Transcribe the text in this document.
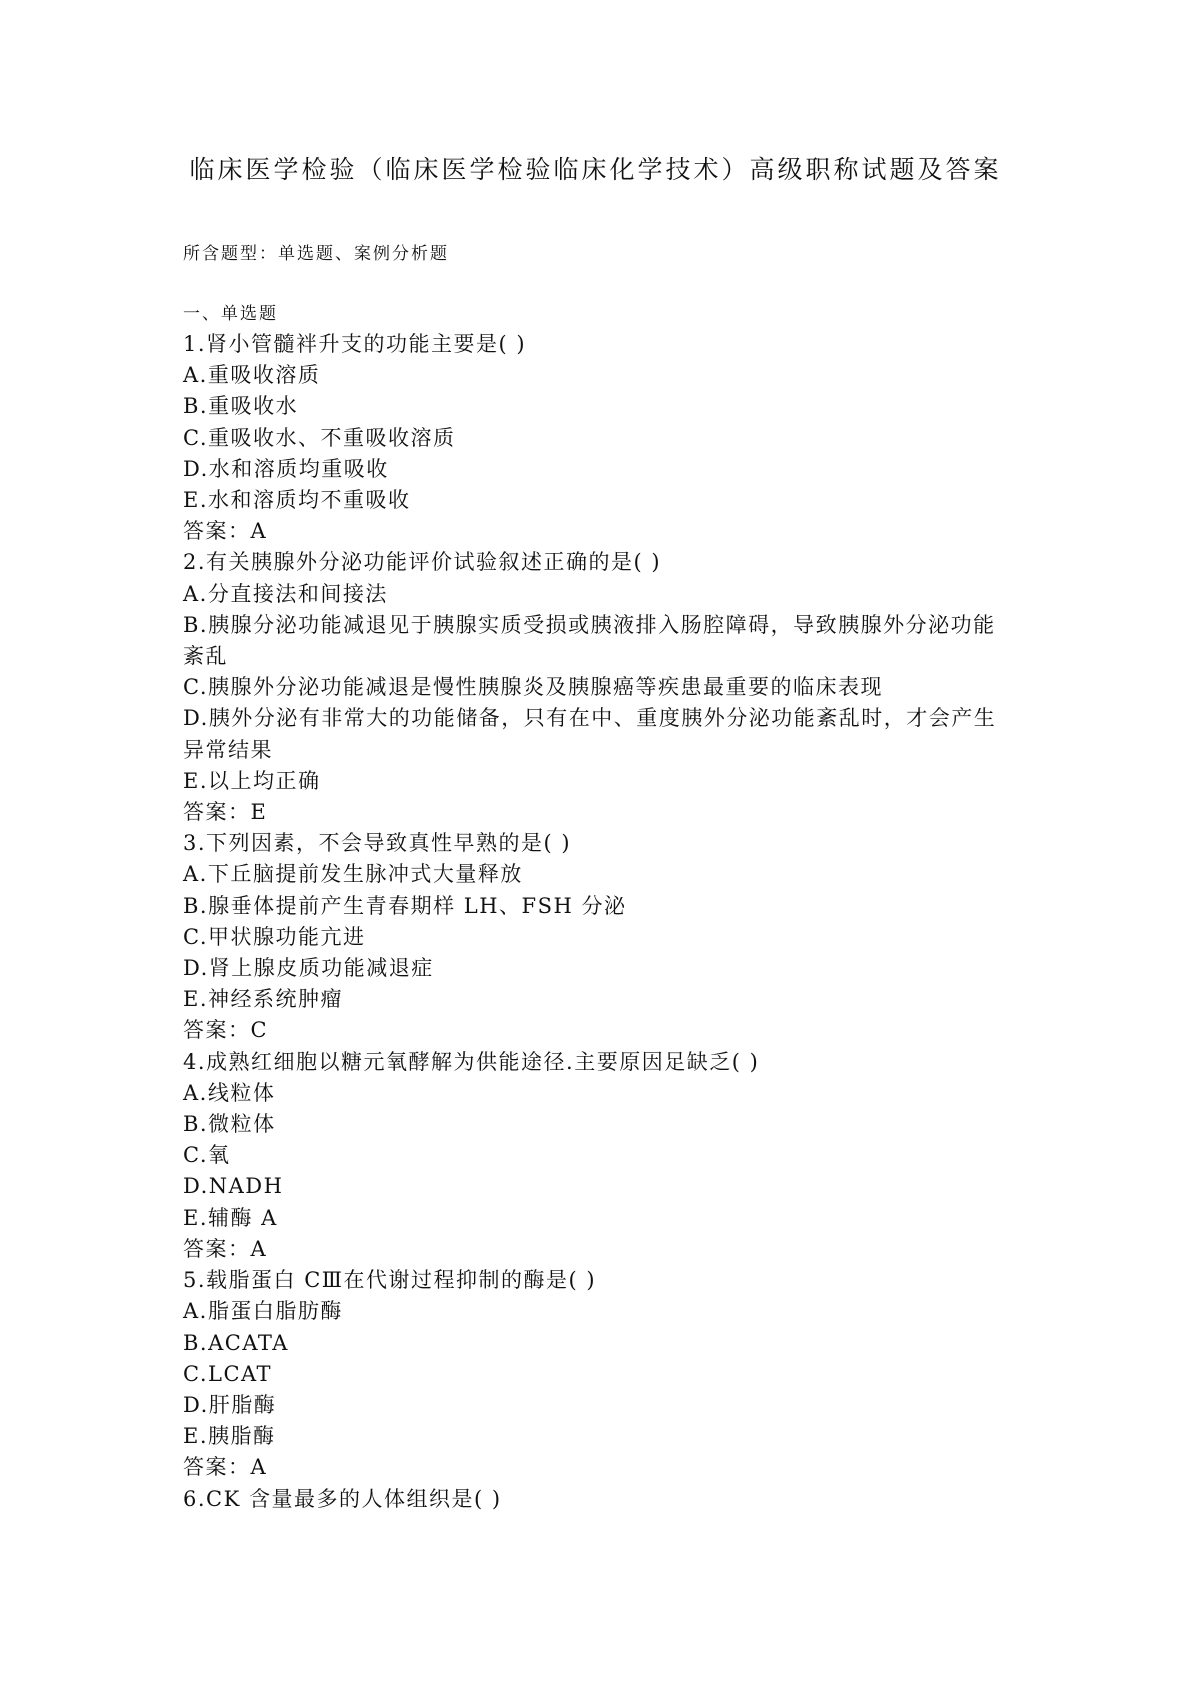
临床医学检验（临床医学检验临床化学技术）高级职称试题及答案
所含题型：单选题、案例分析题
一、单选题
1.肾小管髓袢升支的功能主要是( )
A.重吸收溶质
B.重吸收水
C.重吸收水、不重吸收溶质
D.水和溶质均重吸收
E.水和溶质均不重吸收
答案：A
2.有关胰腺外分泌功能评价试验叙述正确的是( )
A.分直接法和间接法
B.胰腺分泌功能减退见于胰腺实质受损或胰液排入肠腔障碍，导致胰腺外分泌功能紊乱
C.胰腺外分泌功能减退是慢性胰腺炎及胰腺癌等疾患最重要的临床表现
D.胰外分泌有非常大的功能储备，只有在中、重度胰外分泌功能紊乱时，才会产生异常结果
E.以上均正确
答案：E
3.下列因素，不会导致真性早熟的是( )
A.下丘脑提前发生脉冲式大量释放
B.腺垂体提前产生青春期样 LH、FSH 分泌
C.甲状腺功能亢进
D.肾上腺皮质功能减退症
E.神经系统肿瘤
答案：C
4.成熟红细胞以糖元氧酵解为供能途径.主要原因足缺乏( )
A.线粒体
B.微粒体
C.氧
D.NADH
E.辅酶 A
答案：A
5.载脂蛋白 CⅢ在代谢过程抑制的酶是( )
A.脂蛋白脂肪酶
B.ACATA
C.LCAT
D.肝脂酶
E.胰脂酶
答案：A
6.CK 含量最多的人体组织是( )
